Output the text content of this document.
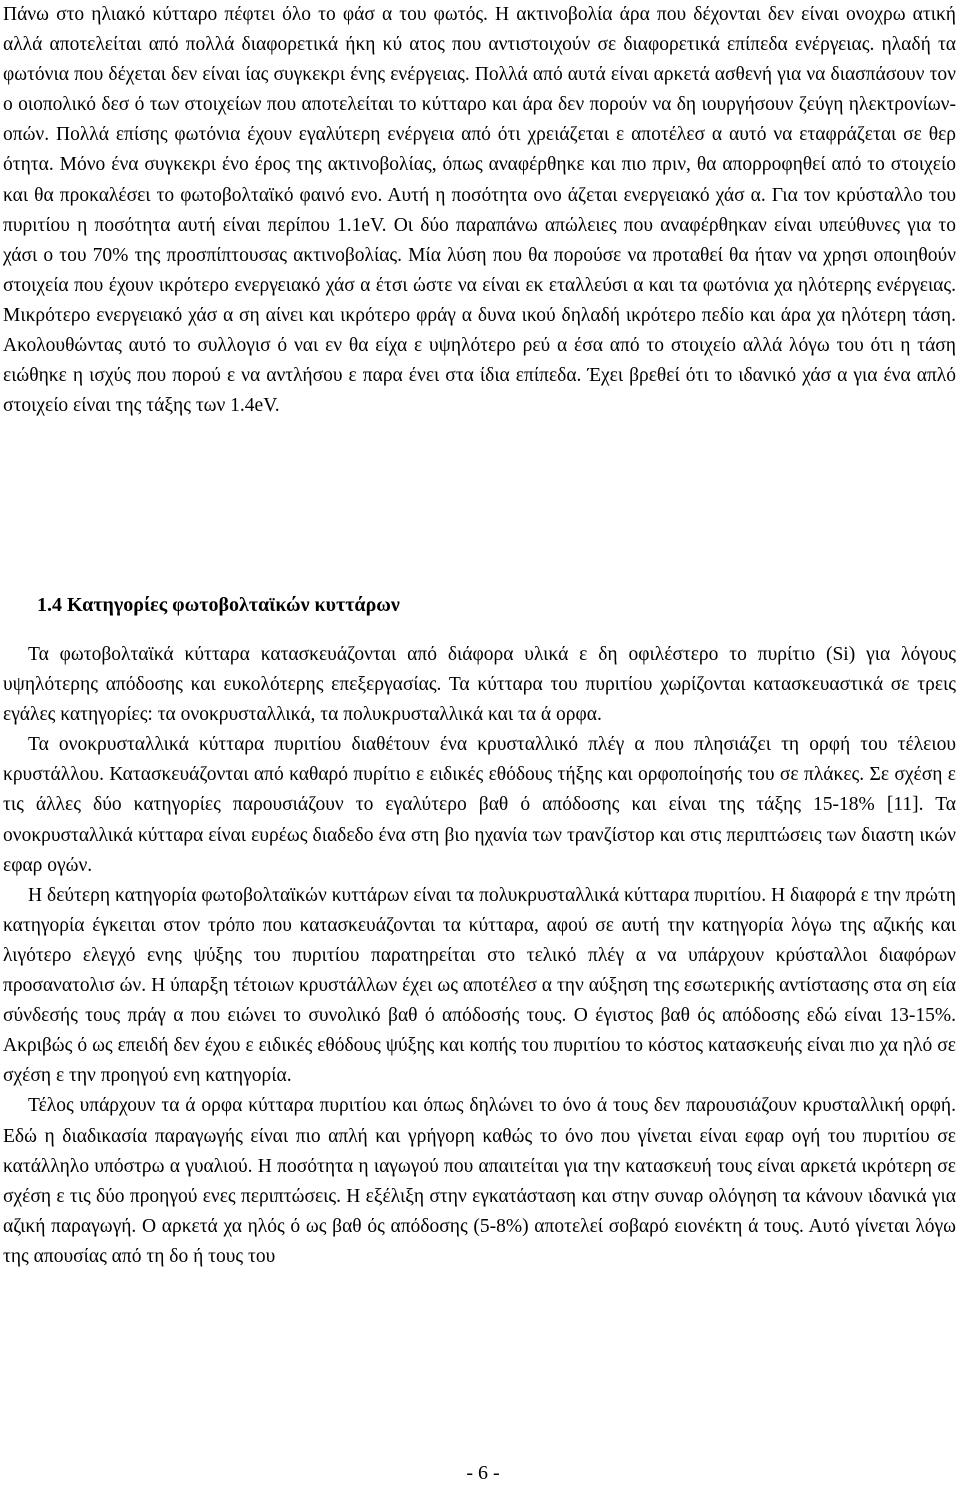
Πάνω στο ηλιακό κύτταρο πέφτει όλο το φάσ α του φωτός. Η ακτινοβολία άρα που δέχονται δεν είναι ονοχρω ατική αλλά αποτελείται από πολλά διαφορετικά ήκη κύ ατος που αντιστοιχούν σε διαφορετικά επίπεδα ενέργειας. ηλαδή τα φωτόνια που δέχεται δεν είναι ίας συγκεκρι ένης ενέργειας. Πολλά από αυτά είναι αρκετά ασθενή για να διασπάσουν τον ο οιοπολικό δεσ ό των στοιχείων που αποτελείται το κύτταρο και άρα δεν πορούν να δη ιουργήσουν ζεύγη ηλεκτρονίων-οπών. Πολλά επίσης φωτόνια έχουν εγαλύτερη ενέργεια από ότι χρειάζεται ε αποτέλεσ α αυτό να εταφράζεται σε θερ ότητα. Μόνο ένα συγκεκρι ένο έρος της ακτινοβολίας, όπως αναφέρθηκε και πιο πριν, θα απορροφηθεί από το στοιχείο και θα προκαλέσει το φωτοβολταϊκό φαινό ενο. Αυτή η ποσότητα ονο άζεται ενεργειακό χάσ α. Για τον κρύσταλλο του πυριτίου η ποσότητα αυτή είναι περίπου 1.1eV. Οι δύο παραπάνω απώλειες που αναφέρθηκαν είναι υπεύθυνες για το χάσι ο του 70% της προσπίπτουσας ακτινοβολίας. Μία λύση που θα πορούσε να προταθεί θα ήταν να χρησι οποιηθούν στοιχεία που έχουν ικρότερο ενεργειακό χάσ α έτσι ώστε να είναι εκ εταλλεύσι α και τα φωτόνια χα ηλότερης ενέργειας. Μικρότερο ενεργειακό χάσ α ση αίνει και ικρότερο φράγ α δυνα ικού δηλαδή ικρότερο πεδίο και άρα χα ηλότερη τάση. Ακολουθώντας αυτό το συλλογισ ό ναι εν θα είχα ε υψηλότερο ρεύ α έσα από το στοιχείο αλλά λόγω του ότι η τάση ειώθηκε η ισχύς που πορού ε να αντλήσου ε παρα ένει στα ίδια επίπεδα. Έχει βρεθεί ότι το ιδανικό χάσ α για ένα απλό στοιχείο είναι της τάξης των 1.4eV.

1.4 Κατηγορίες φωτοβολταϊκών κυττάρων

Τα φωτοβολταϊκά κύτταρα κατασκευάζονται από διάφορα υλικά ε δη οφιλέστερο το πυρίτιο (Si) για λόγους υψηλότερης απόδοσης και ευκολότερης επεξεργασίας. Τα κύτταρα του πυριτίου χωρίζονται κατασκευαστικά σε τρεις εγάλες κατηγορίες: τα ονοκρυσταλλικά, τα πολυκρυσταλλικά και τα ά ορφα.

Τα ονοκρυσταλλικά κύτταρα πυριτίου διαθέτουν ένα κρυσταλλικό πλέγ α που πλησιάζει τη ορφή του τέλειου κρυστάλλου. Κατασκευάζονται από καθαρό πυρίτιο ε ειδικές εθόδους τήξης και ορφοποίησής του σε πλάκες. Σε σχέση ε τις άλλες δύο κατηγορίες παρουσιάζουν το εγαλύτερο βαθ ό απόδοσης και είναι της τάξης 15-18% [11]. Τα ονοκρυσταλλικά κύτταρα είναι ευρέως διαδεδο ένα στη βιο ηχανία των τρανζίστορ και στις περιπτώσεις των διαστη ικών εφαρ ογών.

Η δεύτερη κατηγορία φωτοβολταϊκών κυττάρων είναι τα πολυκρυσταλλικά κύτταρα πυριτίου. Η διαφορά ε την πρώτη κατηγορία έγκειται στον τρόπο που κατασκευάζονται τα κύτταρα, αφού σε αυτή την κατηγορία λόγω της αζικής και λιγότερο ελεγχό ενης ψύξης του πυριτίου παρατηρείται στο τελικό πλέγ α να υπάρχουν κρύσταλλοι διαφόρων προσανατολισ ών. Η ύπαρξη τέτοιων κρυστάλλων έχει ως αποτέλεσ α την αύξηση της εσωτερικής αντίστασης στα ση εία σύνδεσής τους πράγ α που ειώνει το συνολικό βαθ ό απόδοσής τους. Ο έγιστος βαθ ός απόδοσης εδώ είναι 13-15%. Ακριβώς ό ως επειδή δεν έχου ε ειδικές εθόδους ψύξης και κοπής του πυριτίου το κόστος κατασκευής είναι πιο χα ηλό σε σχέση ε την προηγού ενη κατηγορία.

Τέλος υπάρχουν τα ά ορφα κύτταρα πυριτίου και όπως δηλώνει το όνο ά τους δεν παρουσιάζουν κρυσταλλική ορφή. Εδώ η διαδικασία παραγωγής είναι πιο απλή και γρήγορη καθώς το όνο που γίνεται είναι εφαρ ογή του πυριτίου σε κατάλληλο υπόστρω α γυαλιού. Η ποσότητα η ιαγωγού που απαιτείται για την κατασκευή τους είναι αρκετά ικρότερη σε σχέση ε τις δύο προηγού ενες περιπτώσεις. Η εξέλιξη στην εγκατάσταση και στην συναρ ολόγηση τα κάνουν ιδανικά για αζική παραγωγή. Ο αρκετά χα ηλός ό ως βαθ ός απόδοσης (5-8%) αποτελεί σοβαρό ειονέκτη ά τους. Αυτό γίνεται λόγω της απουσίας από τη δο ή τους του

- 6 -
